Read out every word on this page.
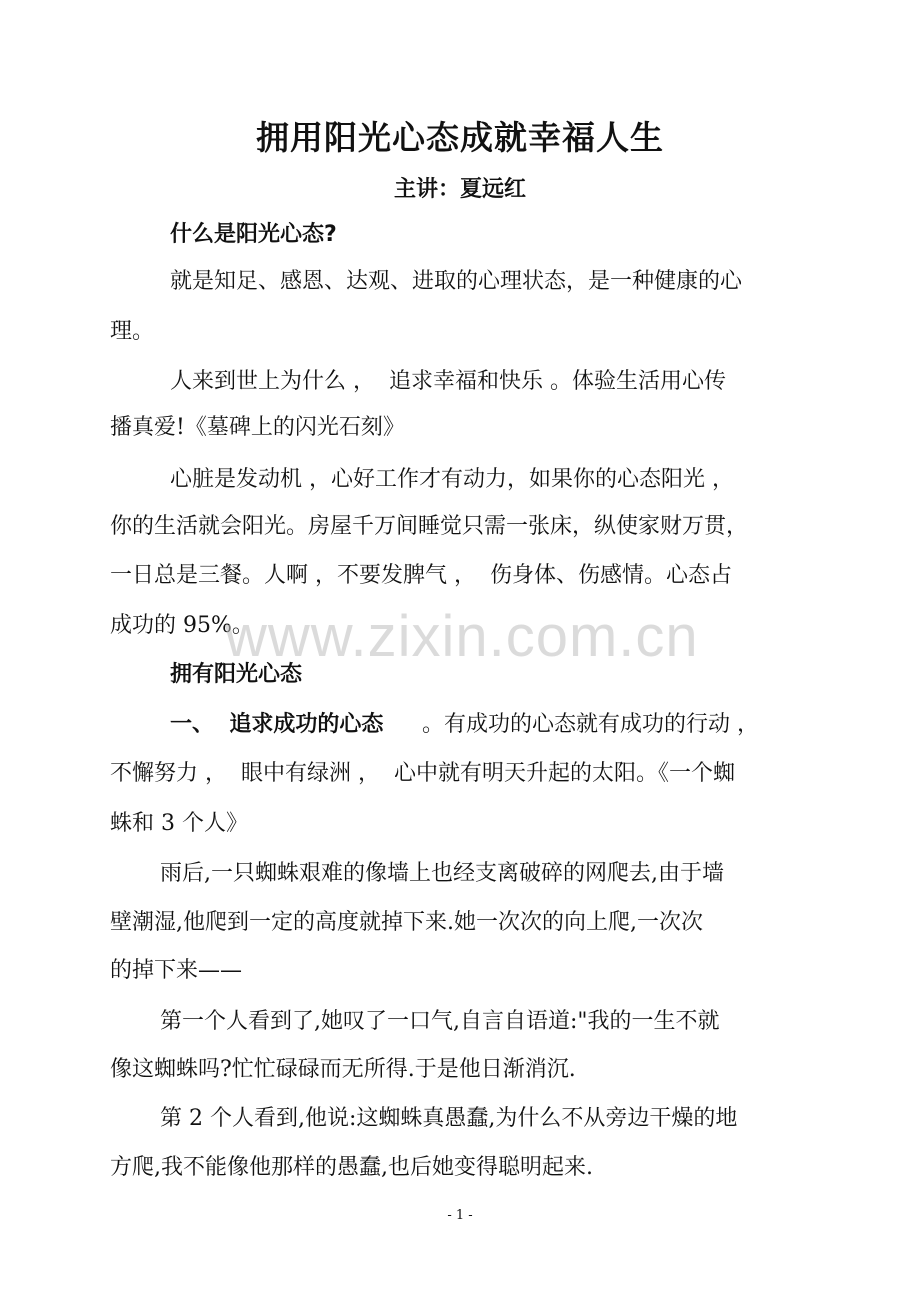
拥用阳光心态成就幸福人生
主讲：夏远红
什么是阳光心态?
就是知足、感恩、达观、进取的心理状态，是一种健康的心
理。
人来到世上为什么 ，  追求幸福和快乐 。体验生活用心传
播真爱!《墓碑上的闪光石刻》
心脏是发动机 ，心好工作才有动力，如果你的心态阳光 ，
你的生活就会阳光。房屋千万间睡觉只需一张床，纵使家财万贯，
一日总是三餐。人啊 ，不要发脾气 ，  伤身体、伤感情。心态占
成功的 95%。
拥有阳光心态
一、  追求成功的心态	。有成功的心态就有成功的行动 ，
不懈努力 ，  眼中有绿洲 ，  心中就有明天升起的太阳。《一个蜘
蛛和 3 个人》
雨后,一只蜘蛛艰难的像墙上也经支离破碎的网爬去,由于墙
壁潮湿,他爬到一定的高度就掉下来.她一次次的向上爬,一次次
的掉下来——
第一个人看到了,她叹了一口气,自言自语道:"我的一生不就
像这蜘蛛吗?忙忙碌碌而无所得.于是他日渐消沉.
第 2 个人看到,他说:这蜘蛛真愚蠢,为什么不从旁边干燥的地
方爬,我不能像他那样的愚蠢,也后她变得聪明起来.
www.zixin.com.cn
- 1 -
